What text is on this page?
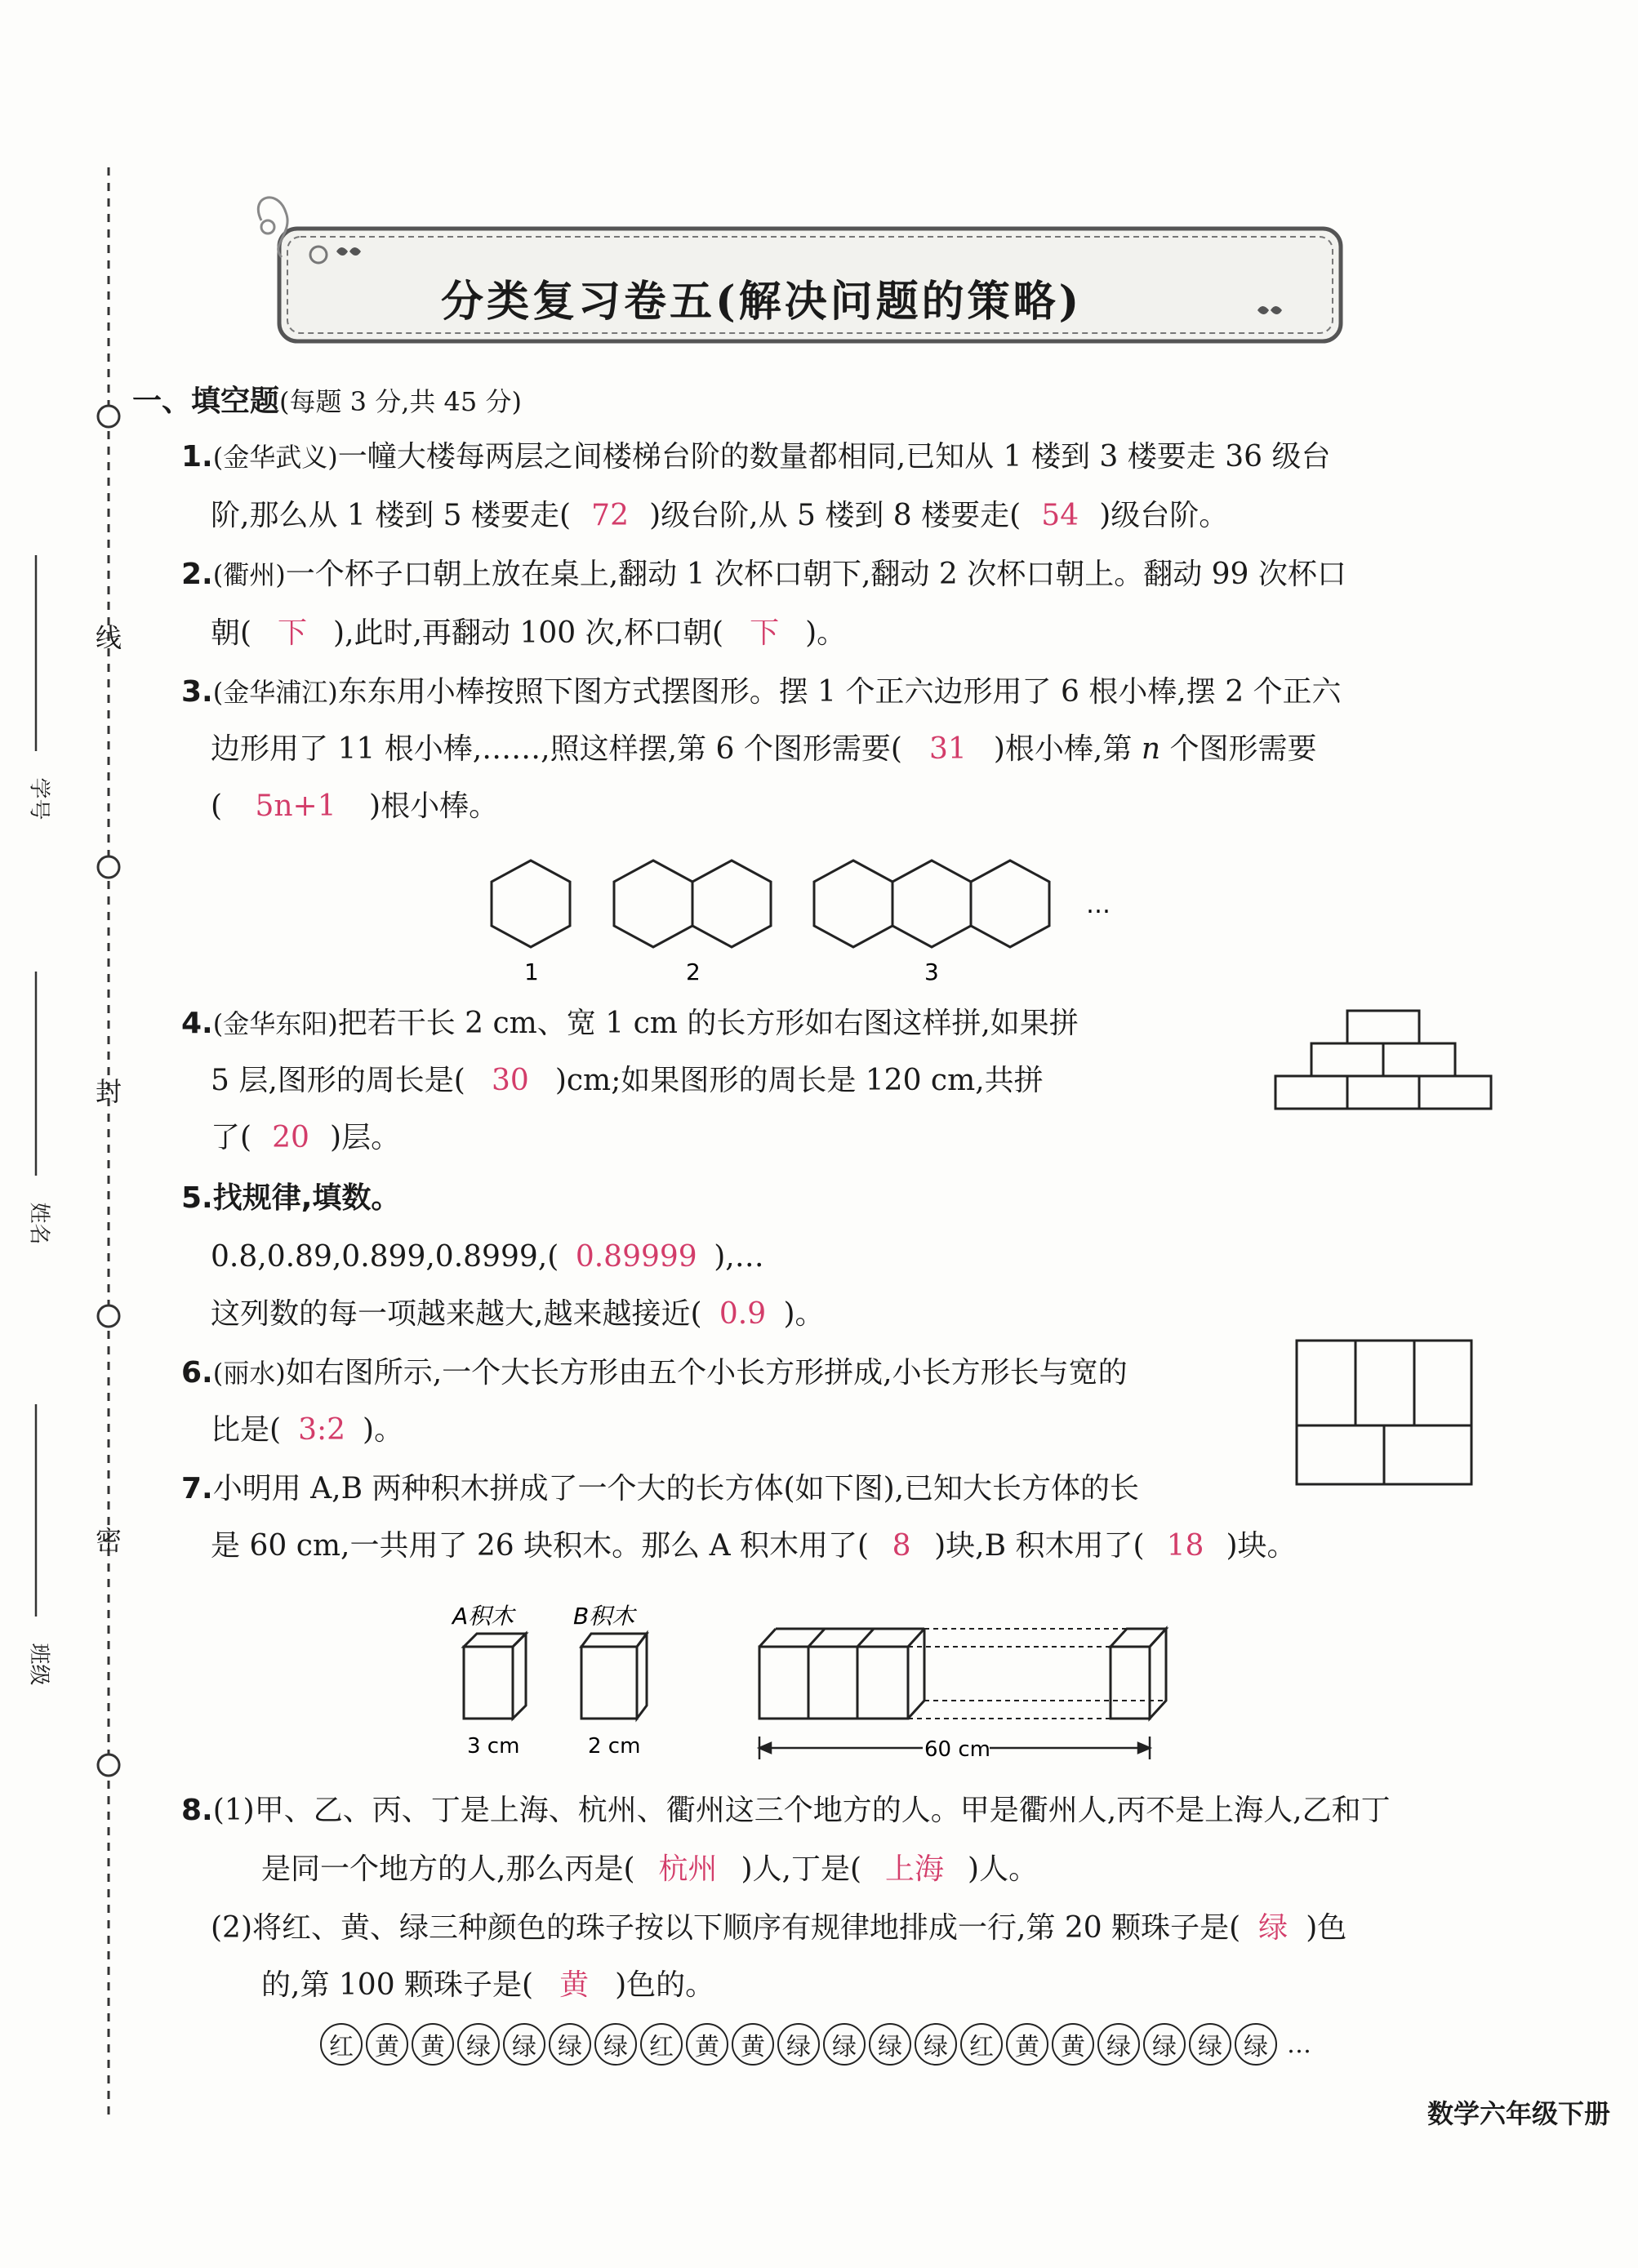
线
封
密
学号
姓名
班级
分类复习卷五(解决问题的策略)
一、填空题(每题 3 分,共 45 分)
1.(金华武义)一幢大楼每两层之间楼梯台阶的数量都相同,已知从 1 楼到 3 楼要走 36 级台
阶,那么从 1 楼到 5 楼要走( 72 )级台阶,从 5 楼到 8 楼要走( 54 )级台阶。
2.(衢州)一个杯子口朝上放在桌上,翻动 1 次杯口朝下,翻动 2 次杯口朝上。翻动 99 次杯口
朝( 下 ),此时,再翻动 100 次,杯口朝( 下 )。
3.(金华浦江)东东用小棒按照下图方式摆图形。摆 1 个正六边形用了 6 根小棒,摆 2 个正六
边形用了 11 根小棒,……,照这样摆,第 6 个图形需要( 31 )根小棒,第 n 个图形需要
( 5n+1 )根小棒。
1	2	3
…
4.(金华东阳)把若干长 2 cm、宽 1 cm 的长方形如右图这样拼,如果拼
5 层,图形的周长是( 30 )cm;如果图形的周长是 120 cm,共拼
了( 20 )层。
5.找规律,填数。
0.8,0.89,0.899,0.8999,( 0.89999 ),…
这列数的每一项越来越大,越来越接近( 0.9 )。
6.(丽水)如右图所示,一个大长方形由五个小长方形拼成,小长方形长与宽的
比是( 3:2 )。
7.小明用 A,B 两种积木拼成了一个大的长方体(如下图),已知大长方体的长
是 60 cm,一共用了 26 块积木。那么 A 积木用了( 8 )块,B 积木用了( 18 )块。
A积木	B积木
3 cm	2 cm	60 cm
8.(1)甲、乙、丙、丁是上海、杭州、衢州这三个地方的人。甲是衢州人,丙不是上海人,乙和丁
是同一个地方的人,那么丙是( 杭州 )人,丁是( 上海 )人。
(2)将红、黄、绿三种颜色的珠子按以下顺序有规律地排成一行,第 20 颗珠子是( 绿 )色
的,第 100 颗珠子是( 黄 )色的。
红 黄 黄 绿 绿 绿 绿 红 黄 黄 绿 绿 绿 绿 红 黄 黄 绿 绿 绿 绿 …
数学六年级下册
